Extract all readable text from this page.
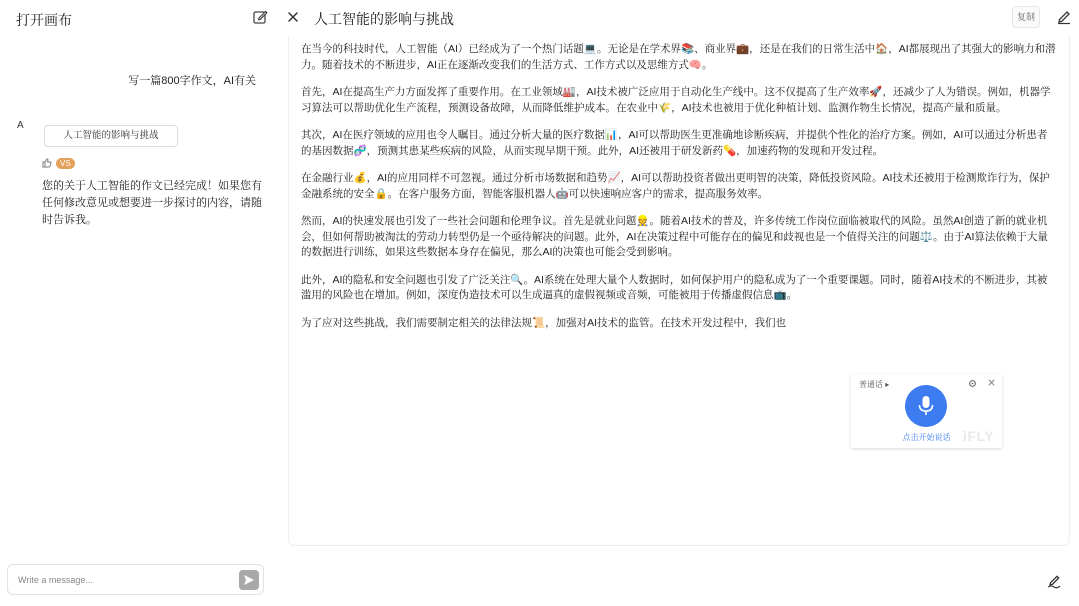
打开画布
写一篇800字作文，AI有关
A
人工智能的影响与挑战
VS
您的关于人工智能的作文已经完成！如果您有任何修改意见或想要进一步探讨的内容，请随时告诉我。
Write a message...
人工智能的影响与挑战	复制

在当今的科技时代，人工智能（AI）已经成为了一个热门话题💻。无论是在学术界📚、商业界💼，还是在我们的日常生活中🏠，AI都展现出了其强大的影响力和潜力。随着技术的不断进步，AI正在逐渐改变我们的生活方式、工作方式以及思维方式🧠。

首先，AI在提高生产力方面发挥了重要作用。在工业领域🏭，AI技术被广泛应用于自动化生产线中。这不仅提高了生产效率🚀，还减少了人为错误。例如，机器学习算法可以帮助优化生产流程，预测设备故障，从而降低维护成本。在农业中🌾，AI技术也被用于优化种植计划、监测作物生长情况，提高产量和质量。

其次，AI在医疗领域的应用也令人瞩目。通过分析大量的医疗数据📊，AI可以帮助医生更准确地诊断疾病，并提供个性化的治疗方案。例如，AI可以通过分析患者的基因数据🧬，预测其患某些疾病的风险，从而实现早期干预。此外，AI还被用于研发新药💊，加速药物的发现和开发过程。

在金融行业💰，AI的应用同样不可忽视。通过分析市场数据和趋势📈，AI可以帮助投资者做出更明智的决策，降低投资风险。AI技术还被用于检测欺诈行为，保护金融系统的安全🔒。在客户服务方面，智能客服机器人🤖可以快速响应客户的需求，提高服务效率。

然而，AI的快速发展也引发了一些社会问题和伦理争议。首先是就业问题👷。随着AI技术的普及，许多传统工作岗位面临被取代的风险。虽然AI创造了新的就业机会，但如何帮助被淘汰的劳动力转型仍是一个亟待解决的问题。此外，AI在决策过程中可能存在的偏见和歧视也是一个值得关注的问题⚖️。由于AI算法依赖于大量的数据进行训练，如果这些数据本身存在偏见，那么AI的决策也可能会受到影响。

此外，AI的隐私和安全问题也引发了广泛关注🔍。AI系统在处理大量个人数据时，如何保护用户的隐私成为了一个重要课题。同时，随着AI技术的不断进步，其被滥用的风险也在增加。例如，深度伪造技术可以生成逼真的虚假视频或音频，可能被用于传播虚假信息📺。

为了应对这些挑战，我们需要制定相关的法律法规📜，加强对AI技术的监管。在技术开发过程中，我们也

普通话 ▸
点击开始说话 iFLY
